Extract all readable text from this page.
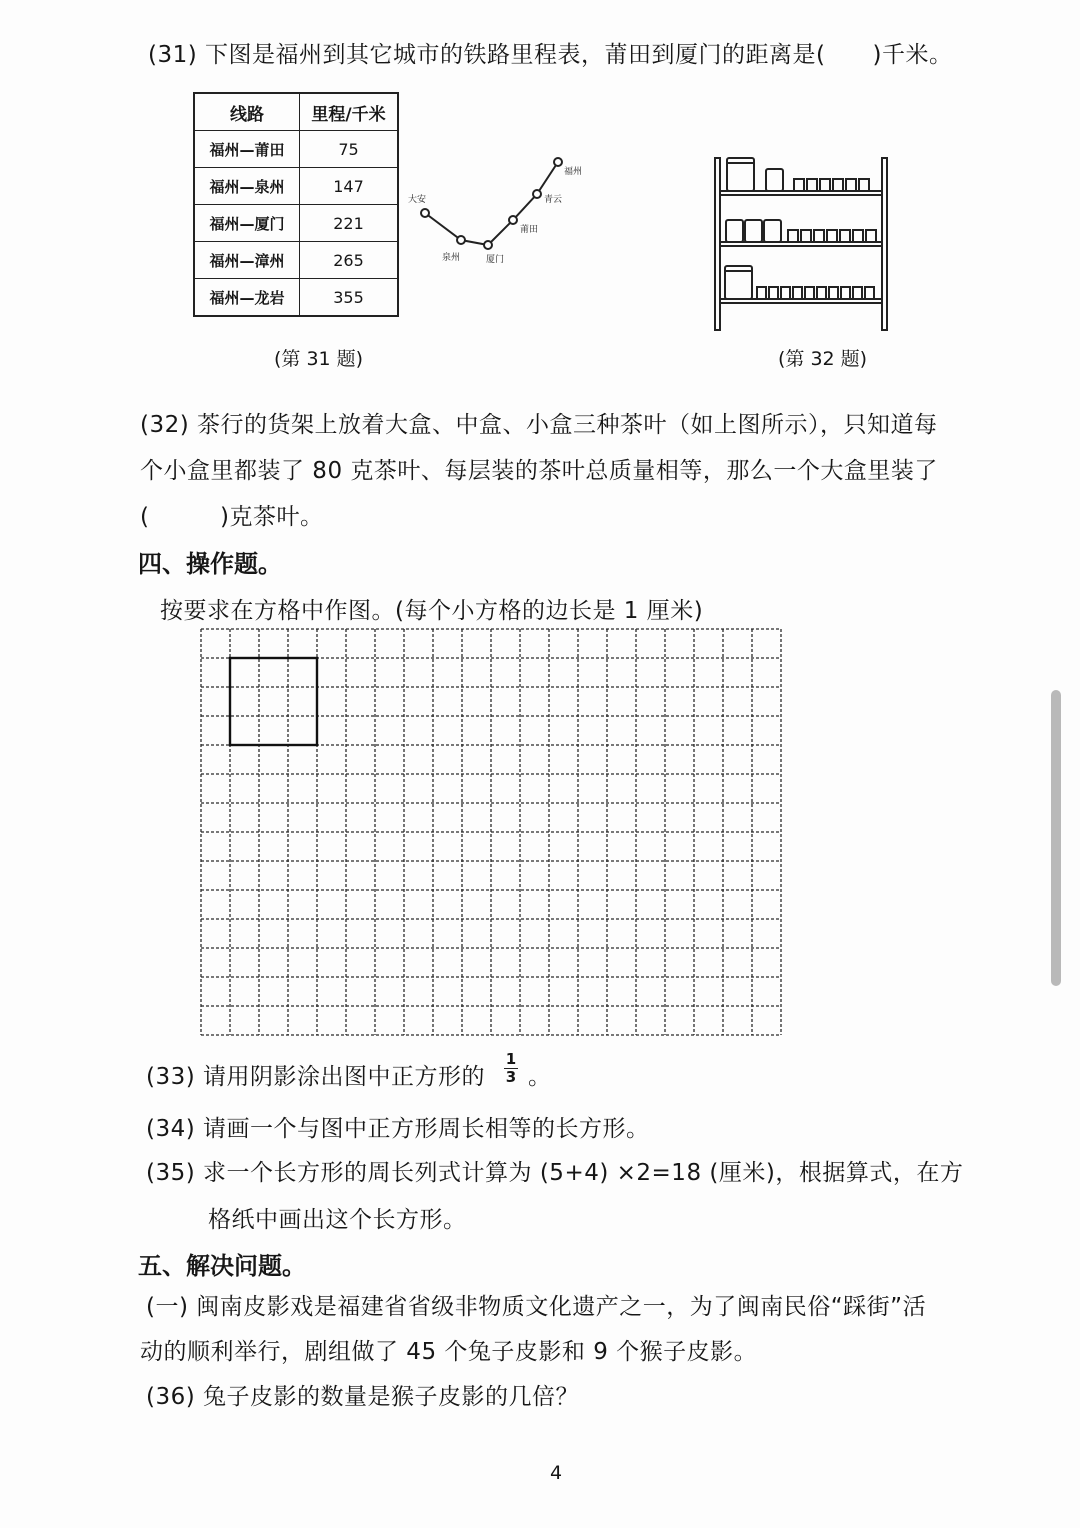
(31) 下图是福州到其它城市的铁路里程表，莆田到厦门的距离是(　　)千米。
线路	里程/千米
福州—莆田	75
福州—泉州	147
福州—厦门	221
福州—漳州	265
福州—龙岩	355
大安
泉州	厦门
莆田
青云
福州
(第 31 题)	(第 32 题)
(32) 茶行的货架上放着大盒、中盒、小盒三种茶叶（如上图所示），只知道每
个小盒里都装了 80 克茶叶、每层装的茶叶总质量相等，那么一个大盒里装了
(　　　)克茶叶。
四、操作题。
按要求在方格中作图。(每个小方格的边长是 1 厘米)
(33) 请用阴影涂出图中正方形的
1
3 。
(34) 请画一个与图中正方形周长相等的长方形。
(35) 求一个长方形的周长列式计算为 (5+4) ×2=18 (厘米)，根据算式，在方
格纸中画出这个长方形。
五、解决问题。
(一) 闽南皮影戏是福建省省级非物质文化遗产之一，为了闽南民俗“踩街”活
动的顺利举行，剧组做了 45 个兔子皮影和 9 个猴子皮影。
(36) 兔子皮影的数量是猴子皮影的几倍？
4
